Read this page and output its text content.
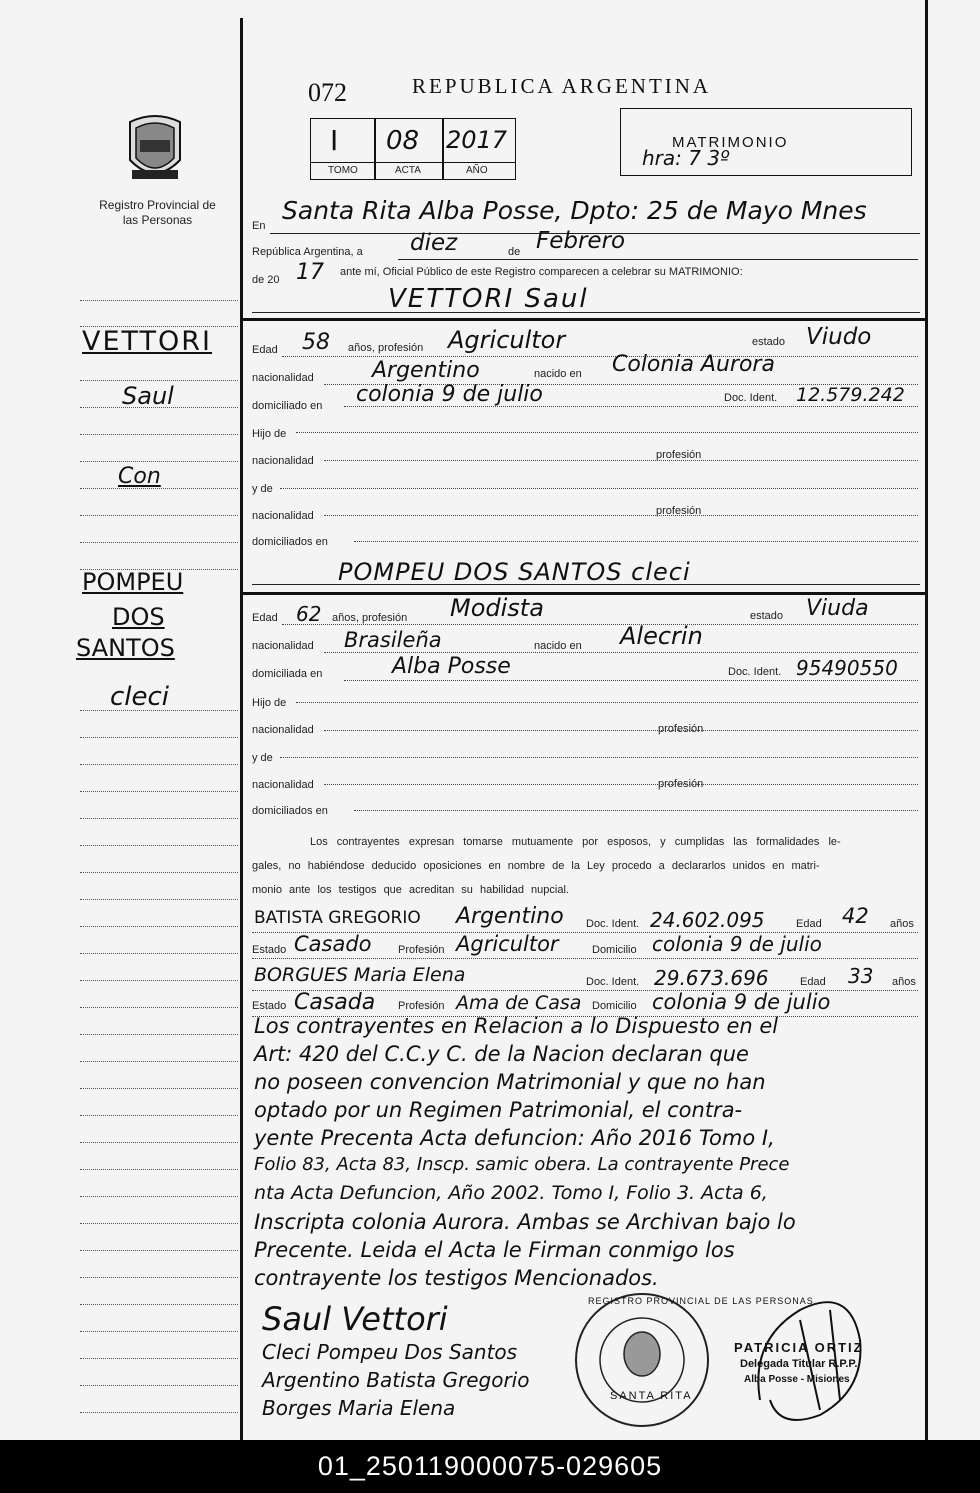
Registro Provincial de las Personas
VETTORI
Saul
Con
POMPEU
DOS
SANTOS
cleci
072	REPUBLICA ARGENTINA
I 08 2017
TOMO	ACTA	AÑO
MATRIMONIO
hra: 7 3º
En
Santa Rita Alba Posse, Dpto: 25 de Mayo Mnes
República Argentina, a diez	de Febrero
de 20 17 ante mí, Oficial Público de este Registro comparecen a celebrar su MATRIMONIO:
VETTORI Saul
Edad 58 años, profesión Agricultor	estado Viudo
nacionalidad	Argentino	nacido en Colonia Aurora
domiciliado en colonia 9 de julio	Doc. Ident. 12.579.242
Hijo de
nacionalidad	profesión
y de
nacionalidad	profesión
domiciliados en
POMPEU DOS SANTOS cleci
Edad 62 años, profesión Modista	estado Viuda
nacionalidad Brasileña	nacido en Alecrin
domiciliada en	Alba Posse	Doc. Ident. 95490550
Hijo de
nacionalidad	profesión
y de
nacionalidad	profesión
domiciliados en
Los contrayentes expresan tomarse mutuamente por esposos, y cumplidas las formalidades le-
gales, no habiéndose deducido oposiciones en nombre de la Ley procedo a declararlos unidos en matri-
monio ante los testigos que acreditan su habilidad nupcial.
BATISTA GREGORIO Argentino Doc. Ident. 24.602.095	Edad 42 años
Estado Casado Profesión Agricultor	Domicilio colonia 9 de julio
BORGUES Maria Elena	Doc. Ident. 29.673.696	Edad 33 años
Estado Casada Profesión Ama de Casa Domicilio colonia 9 de julio
Los contrayentes en Relacion a lo Dispuesto en el
Art: 420 del C.C.y C. de la Nacion declaran que
no poseen convencion Matrimonial y que no han
optado por un Regimen Patrimonial, el contra-
yente Precenta Acta defuncion: Año 2016 Tomo I,
Folio 83, Acta 83, Inscp. samic obera. La contrayente Prece
nta Acta Defuncion, Año 2002. Tomo I, Folio 3. Acta 6,
Inscripta colonia Aurora. Ambas se Archivan bajo lo
Precente. Leida el Acta le Firman conmigo los
contrayente los testigos Mencionados.
Saul Vettori
Cleci Pompeu Dos Santos
Argentino Batista Gregorio
Borges Maria Elena
REGISTRO PROVINCIAL DE LAS PERSONAS
SANTA RITA
PATRICIA ORTIZ
Delegada Titular R.P.P.
Alba Posse - Misiones
01_250119000075-029605
